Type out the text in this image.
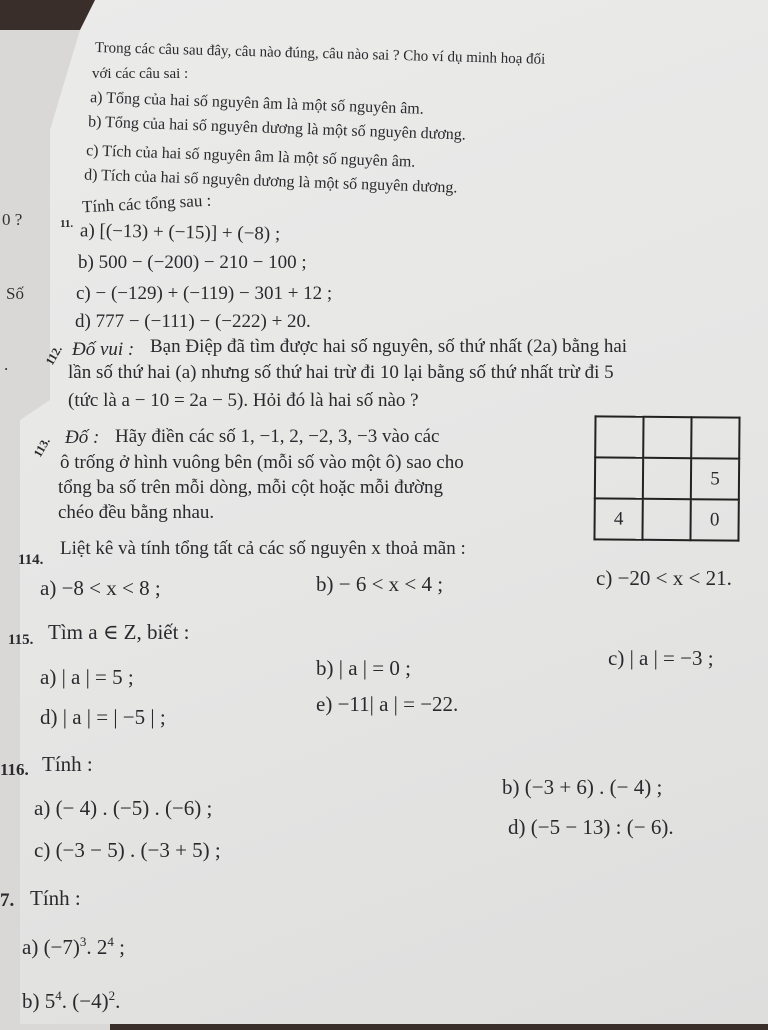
0 ?
Số
.
Trong các câu sau đây, câu nào đúng, câu nào sai ? Cho ví dụ minh hoạ đối
với các câu sai :
a) Tổng của hai số nguyên âm là một số nguyên âm.
b) Tổng của hai số nguyên dương là một số nguyên dương.
c) Tích của hai số nguyên âm là một số nguyên âm.
d) Tích của hai số nguyên dương là một số nguyên dương.
11.
Tính các tổng sau :
a) [(−13) + (−15)] + (−8) ;
b) 500 − (−200) − 210 − 100 ;
c) − (−129) + (−119) − 301 + 12 ;
d) 777 − (−111) − (−222) + 20.
112. Đố vui : Bạn Điệp đã tìm được hai số nguyên, số thứ nhất (2a) bằng hai
lần số thứ hai (a) nhưng số thứ hai trừ đi 10 lại bằng số thứ nhất trừ đi 5
(tức là a − 10 = 2a − 5). Hỏi đó là hai số nào ?
113. Đố : Hãy điền các số 1, −1, 2, −2, 3, −3 vào các
ô trống ở hình vuông bên (mỗi số vào một ô) sao cho
tổng ba số trên mỗi dòng, mỗi cột hoặc mỗi đường
chéo đều bằng nhau.

		5
4		0
114.
Liệt kê và tính tổng tất cả các số nguyên x thoả mãn :
a) −8 < x < 8 ;	b) − 6 < x < 4 ;	c) −20 < x < 21.
115. Tìm a ∈ Z, biết :
a) | a | = 5 ;	b) | a | = 0 ;	c) | a | = −3 ;
d) | a | = | −5 | ;
e) −11| a | = −22.
116. Tính :
a) (− 4) . (−5) . (−6) ;
b) (−3 + 6) . (− 4) ;
c) (−3 − 5) . (−3 + 5) ;
d) (−5 − 13) : (− 6).
7. Tính :
a) $(-7)^3$. $2^4$ ;
b) $5^4$. $(-4)^2$.
